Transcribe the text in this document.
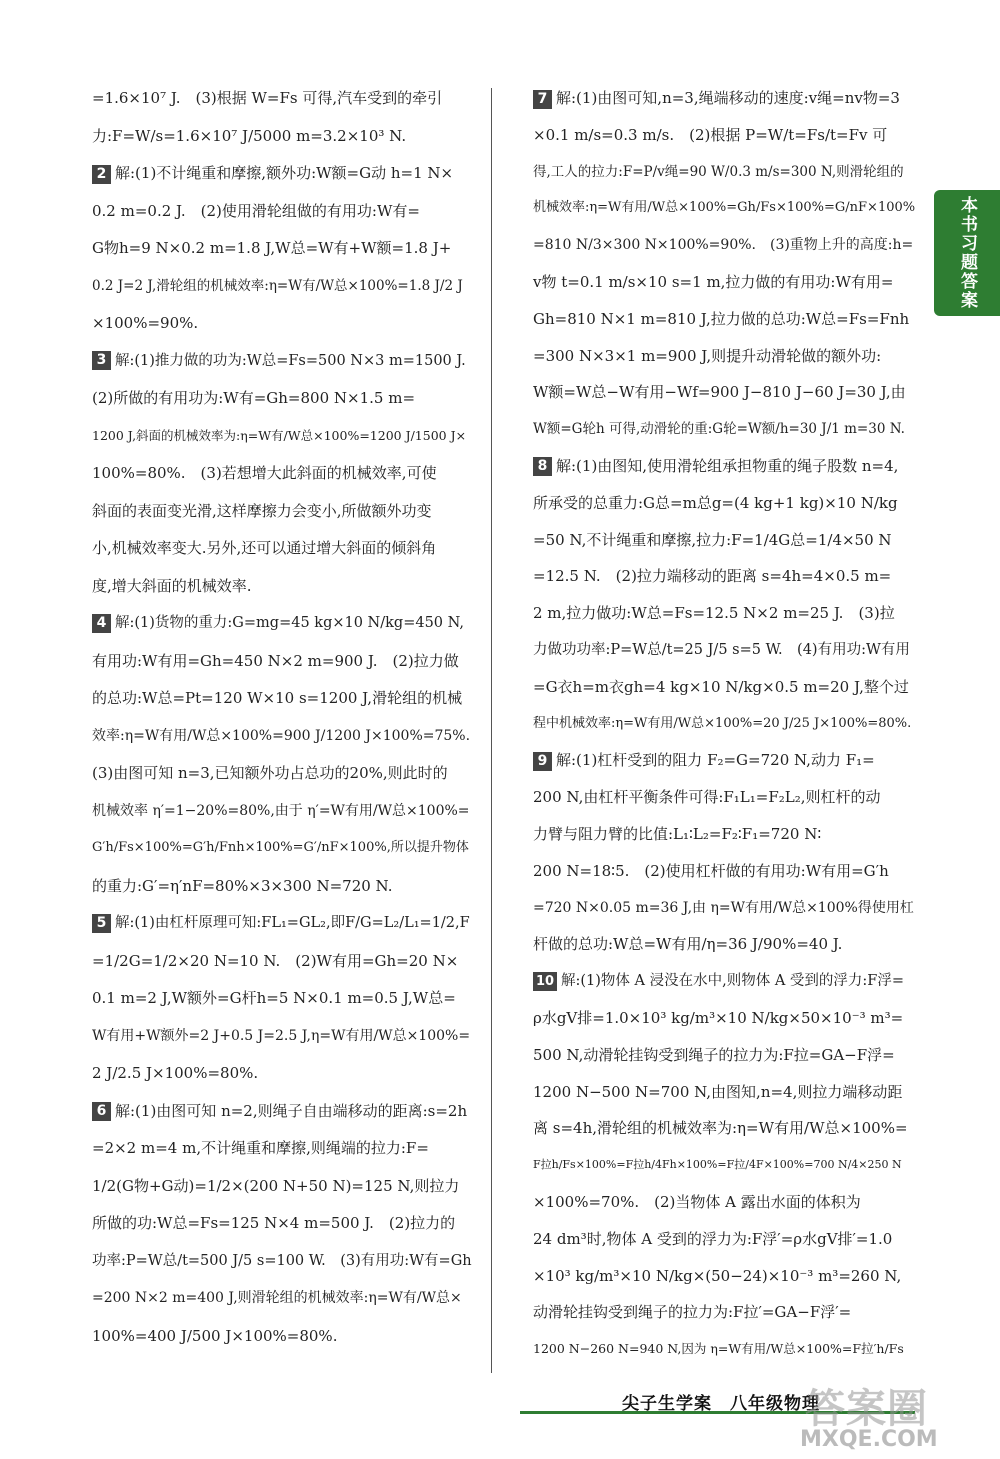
=1.6×10⁷ J.　(3)根据 W=Fs 可得,汽车受到的牵引
力:F=W/s=1.6×10⁷ J/5000 m=3.2×10³ N.
2 解:(1)不计绳重和摩擦,额外功:W额=G动 h=1 N×
0.2 m=0.2 J.　(2)使用滑轮组做的有用功:W有=
G物h=9 N×0.2 m=1.8 J,W总=W有+W额=1.8 J+
0.2 J=2 J,滑轮组的机械效率:η=W有/W总×100%=1.8 J/2 J
×100%=90%.
3 解:(1)推力做的功为:W总=Fs=500 N×3 m=1500 J.
(2)所做的有用功为:W有=Gh=800 N×1.5 m=
1200 J,斜面的机械效率为:η=W有/W总×100%=1200 J/1500 J×
100%=80%.　(3)若想增大此斜面的机械效率,可使
斜面的表面变光滑,这样摩擦力会变小,所做额外功变
小,机械效率变大.另外,还可以通过增大斜面的倾斜角
度,增大斜面的机械效率.
4 解:(1)货物的重力:G=mg=45 kg×10 N/kg=450 N,
有用功:W有用=Gh=450 N×2 m=900 J.　(2)拉力做
的总功:W总=Pt=120 W×10 s=1200 J,滑轮组的机械
效率:η=W有用/W总×100%=900 J/1200 J×100%=75%.
(3)由图可知 n=3,已知额外功占总功的20%,则此时的
机械效率 η′=1−20%=80%,由于 η′=W有用/W总×100%=
G′h/Fs×100%=G′h/Fnh×100%=G′/nF×100%,所以提升物体
的重力:G′=η′nF=80%×3×300 N=720 N.
5 解:(1)由杠杆原理可知:FL₁=GL₂,即F/G=L₂/L₁=1/2,F
=1/2G=1/2×20 N=10 N.　(2)W有用=Gh=20 N×
0.1 m=2 J,W额外=G杆h=5 N×0.1 m=0.5 J,W总=
W有用+W额外=2 J+0.5 J=2.5 J,η=W有用/W总×100%=
2 J/2.5 J×100%=80%.
6 解:(1)由图可知 n=2,则绳子自由端移动的距离:s=2h
=2×2 m=4 m,不计绳重和摩擦,则绳端的拉力:F=
1/2(G物+G动)=1/2×(200 N+50 N)=125 N,则拉力
所做的功:W总=Fs=125 N×4 m=500 J.　(2)拉力的
功率:P=W总/t=500 J/5 s=100 W.　(3)有用功:W有=Gh
=200 N×2 m=400 J,则滑轮组的机械效率:η=W有/W总×
100%=400 J/500 J×100%=80%.
7 解:(1)由图可知,n=3,绳端移动的速度:v绳=nv物=3
×0.1 m/s=0.3 m/s.　(2)根据 P=W/t=Fs/t=Fv 可
得,工人的拉力:F=P/v绳=90 W/0.3 m/s=300 N,则滑轮组的
机械效率:η=W有用/W总×100%=Gh/Fs×100%=G/nF×100%
=810 N/3×300 N×100%=90%.　(3)重物上升的高度:h=
v物 t=0.1 m/s×10 s=1 m,拉力做的有用功:W有用=
Gh=810 N×1 m=810 J,拉力做的总功:W总=Fs=Fnh
=300 N×3×1 m=900 J,则提升动滑轮做的额外功:
W额=W总−W有用−Wf=900 J−810 J−60 J=30 J,由
W额=G轮h 可得,动滑轮的重:G轮=W额/h=30 J/1 m=30 N.
8 解:(1)由图知,使用滑轮组承担物重的绳子股数 n=4,
所承受的总重力:G总=m总g=(4 kg+1 kg)×10 N/kg
=50 N,不计绳重和摩擦,拉力:F=1/4G总=1/4×50 N
=12.5 N.　(2)拉力端移动的距离 s=4h=4×0.5 m=
2 m,拉力做功:W总=Fs=12.5 N×2 m=25 J.　(3)拉
力做功功率:P=W总/t=25 J/5 s=5 W.　(4)有用功:W有用
=G衣h=m衣gh=4 kg×10 N/kg×0.5 m=20 J,整个过
程中机械效率:η=W有用/W总×100%=20 J/25 J×100%=80%.
9 解:(1)杠杆受到的阻力 F₂=G=720 N,动力 F₁=
200 N,由杠杆平衡条件可得:F₁L₁=F₂L₂,则杠杆的动
力臂与阻力臂的比值:L₁∶L₂=F₂∶F₁=720 N∶
200 N=18∶5.　(2)使用杠杆做的有用功:W有用=G′h
=720 N×0.05 m=36 J,由 η=W有用/W总×100%得使用杠
杆做的总功:W总=W有用/η=36 J/90%=40 J.
10 解:(1)物体 A 浸没在水中,则物体 A 受到的浮力:F浮=
ρ水gV排=1.0×10³ kg/m³×10 N/kg×50×10⁻³ m³=
500 N,动滑轮挂钩受到绳子的拉力为:F拉=GA−F浮=
1200 N−500 N=700 N,由图知,n=4,则拉力端移动距
离 s=4h,滑轮组的机械效率为:η=W有用/W总×100%=
F拉h/Fs×100%=F拉h/4Fh×100%=F拉/4F×100%=700 N/4×250 N
×100%=70%.　(2)当物体 A 露出水面的体积为
24 dm³时,物体 A 受到的浮力为:F浮′=ρ水gV排′=1.0
×10³ kg/m³×10 N/kg×(50−24)×10⁻³ m³=260 N,
动滑轮挂钩受到绳子的拉力为:F拉′=GA−F浮′=
1200 N−260 N=940 N,因为 η=W有用/W总×100%=F拉′h/Fs
本书习题答案
尖子生学案　八年级物理
答案圈
MXQE.COM
